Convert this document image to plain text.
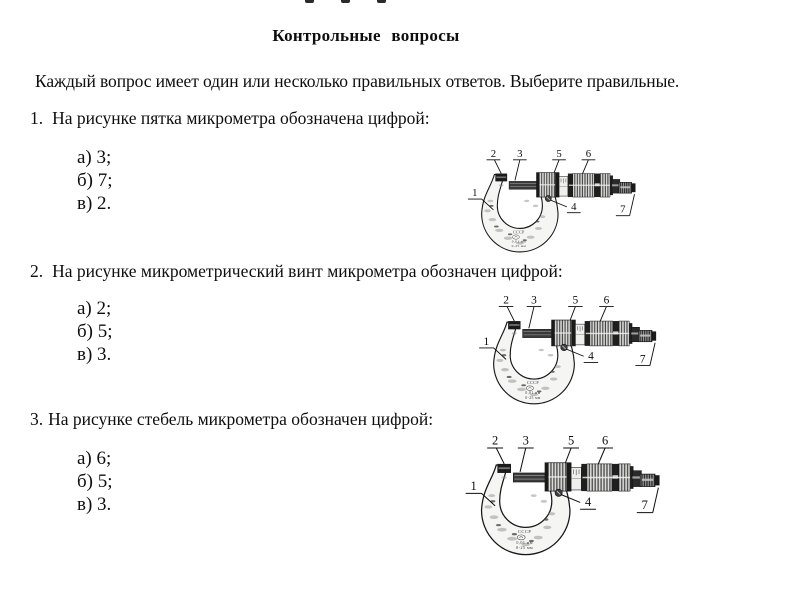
Контрольные вопросы
Каждый вопрос имеет один или несколько правильных ответов. Выберите правильные.
1. На рисунке пятка микрометра обозначена цифрой:
а) 3;
б) 7;
в) 2.
2. На рисунке микрометрический винт микрометра обозначен цифрой:
а) 2;
б) 5;
в) 3.
3. На рисунке стебель микрометра обозначен цифрой:
а) 6;
б) 5;
в) 3.
